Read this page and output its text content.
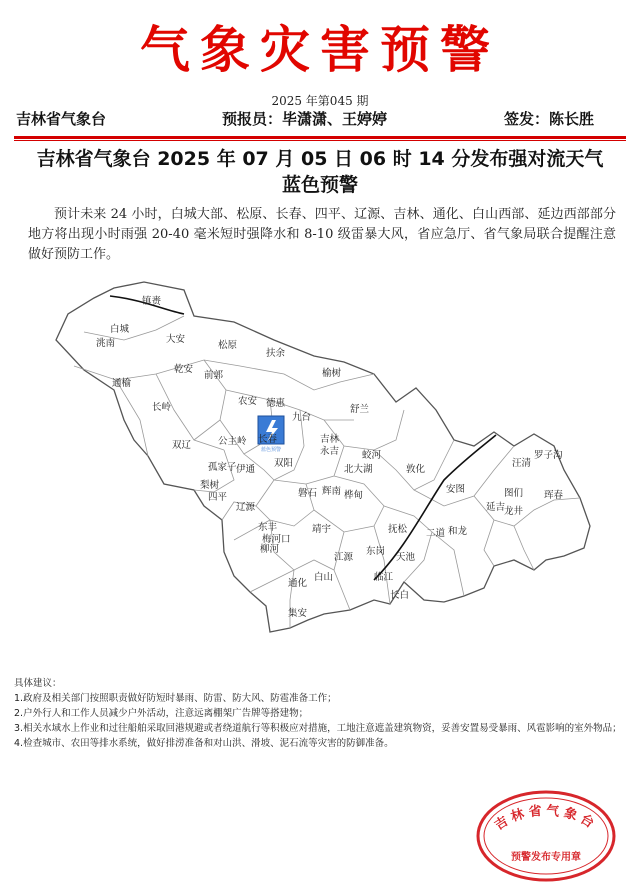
气象灾害预警
2025 年第045 期
吉林省气象台	预报员：毕潇潇、王婷婷	签发：陈长胜
吉林省气象台 2025 年 07 月 05 日 06 时 14 分发布强对流天气蓝色预警
预计未来 24 小时，白城大部、松原、长春、四平、辽源、吉林、通化、白山西部、延边西部部分地方将出现小时雨强 20-40 毫米短时强降水和 8-10 级雷暴大风，省应急厅、省气象局联合提醒注意做好预防工作。
蓝色预警
镇赉
白城
洮南	大安
通榆
乾安
松原
扶余
前郭
长岭
榆树
农安 德惠
九台
舒兰
双辽	公主岭 长春	吉林
永吉 蛟河
敦化
罗子沟
汪清
孤家子 伊通
双阳
北大湖
梨树
四平
辉南
磐石	桦甸
安图	图们 珲春
延吉
龙井
辽源
东丰
梅河口
柳河
靖宇	抚松	和龙
二道
通化
白山
江源
东岗
天池
临江
集安
长白
具体建议：
1.政府及相关部门按照职责做好防短时暴雨、防雷、防大风、防雹准备工作；
2.户外行人和工作人员减少户外活动，注意远离棚架广告牌等搭建物；
3.相关水域水上作业和过往船舶采取回港规避或者绕道航行等积极应对措施，工地注意遮盖建筑物资，妥善安置易受暴雨、风雹影响的室外物品；
4.检查城市、农田等排水系统，做好排涝准备和对山洪、滑坡、泥石流等灾害的防御准备。
吉林省气象台
预警发布专用章
